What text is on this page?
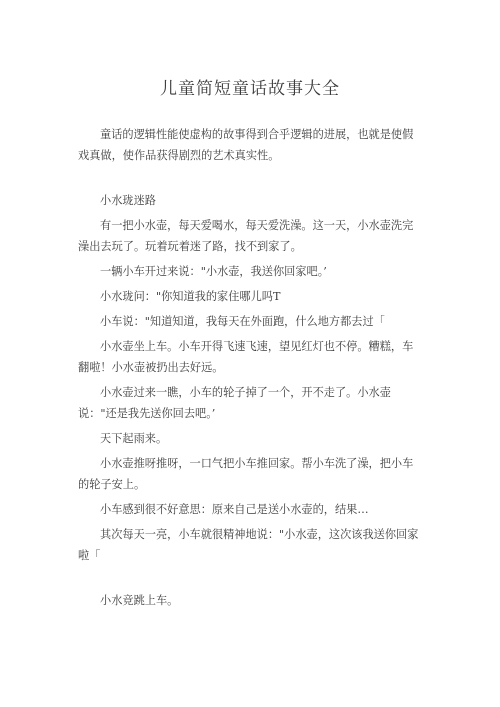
儿童简短童话故事大全

童话的逻辑性能使虚构的故事得到合乎逻辑的进展，也就是使假戏真做，使作品获得剧烈的艺术真实性。

小水珑迷路

有一把小水壶，每天爱喝水，每天爱洗澡。这一天，小水壶洗完澡出去玩了。玩着玩着迷了路，找不到家了。

一辆小车开过来说："小水壶，我送你回家吧。’

小水珑问："你知道我的家住哪儿吗T

小车说："知道知道，我每天在外面跑，什么地方都去过「

小水壶坐上车。小车开得飞速飞速，望见红灯也不停。糟糕，车翻啦！小水壶被扔出去好远。

小水壶过来一瞧，小车的轮子掉了一个，开不走了。小水壶说："还是我先送你回去吧。’

天下起雨来。

小水壶推呀推呀，一口气把小车推回家。帮小车洗了澡，把小车的轮子安上。

小车感到很不好意思：原来自己是送小水壶的，结果…

其次每天一亮，小车就很精神地说："小水壶，这次该我送你回家啦「

小水竞跳上车。
